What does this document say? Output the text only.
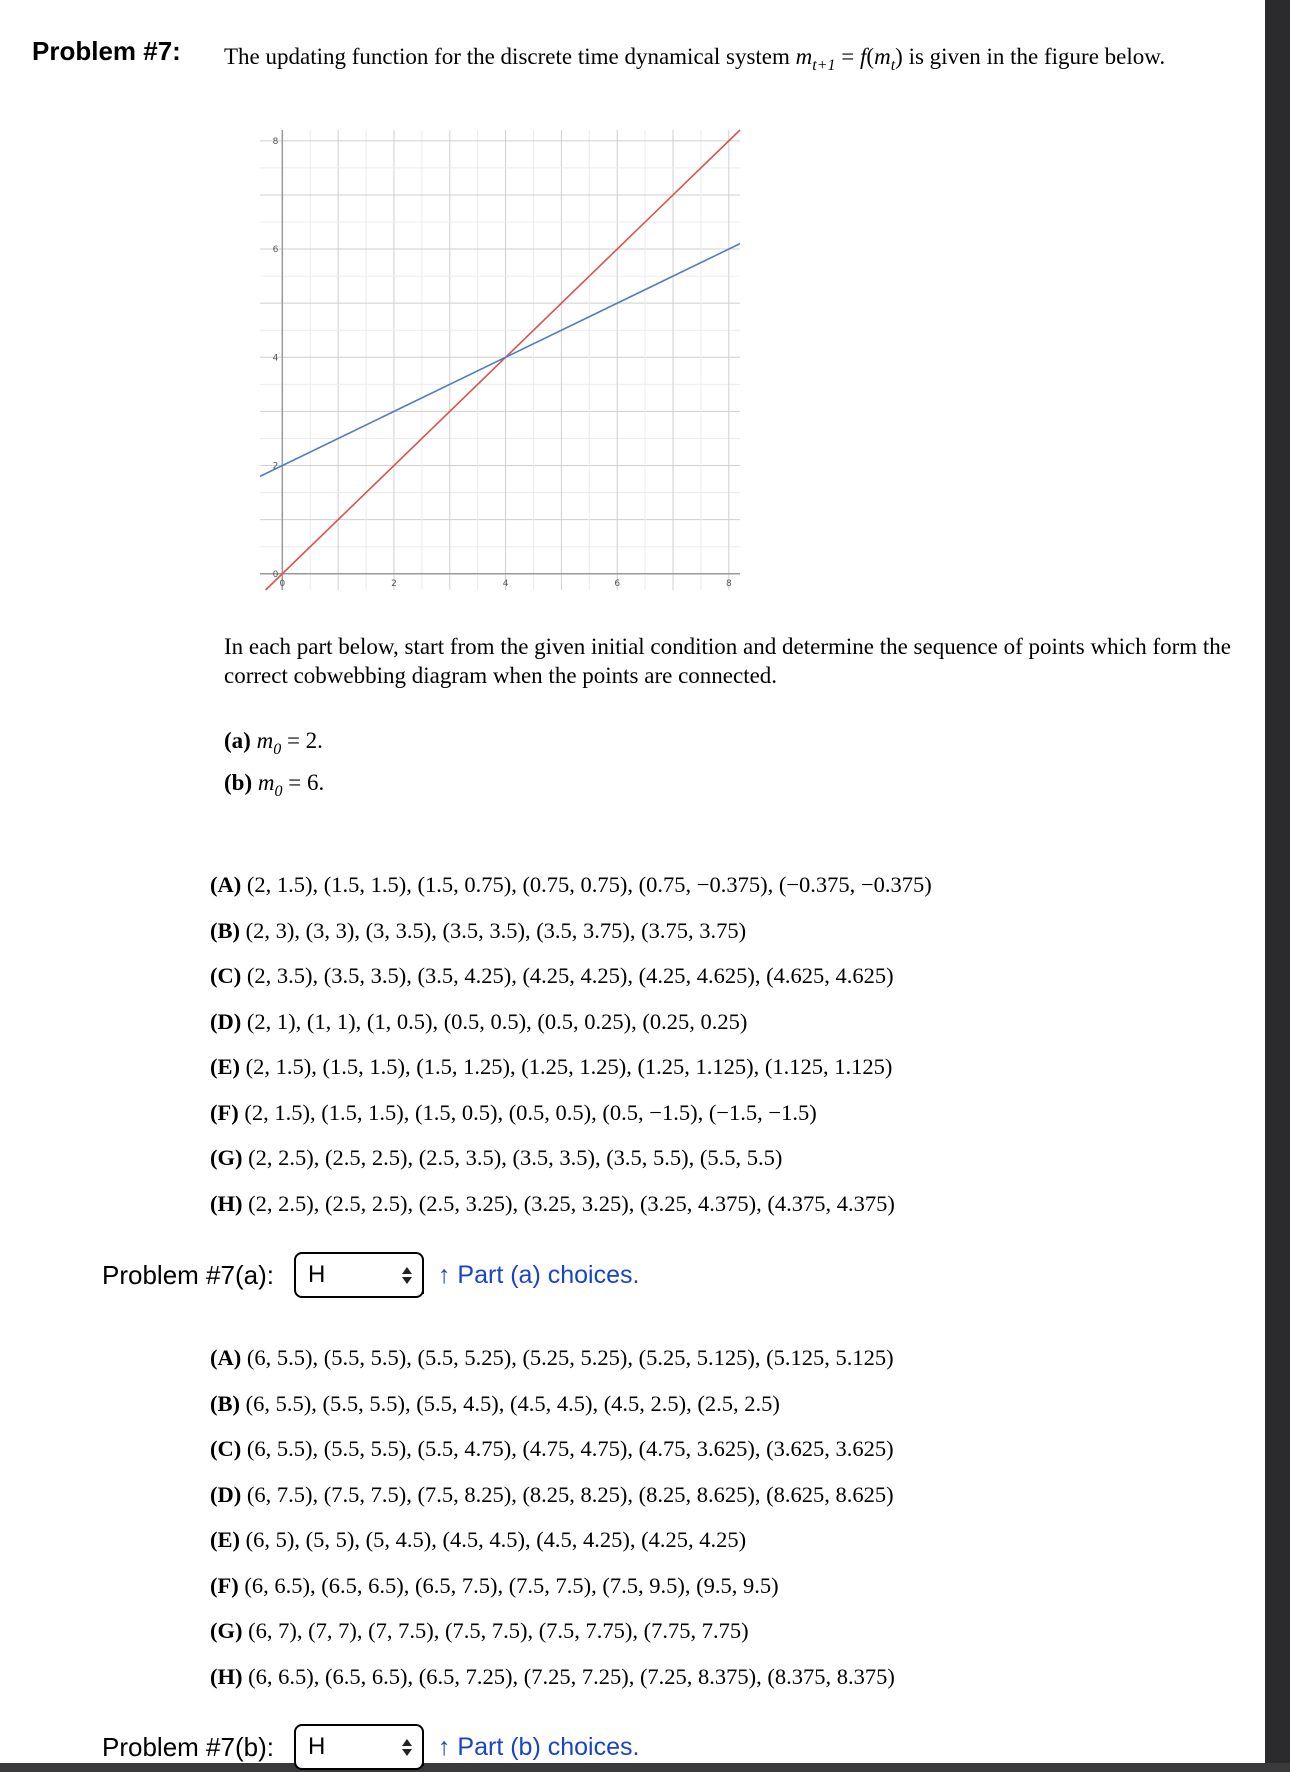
Problem #7: The updating function for the discrete time dynamical system $m_{t+1} = f(m_t)$ is given in the figure below.
0	2	4	6	8
0
2
4
6
8
In each part below, start from the given initial condition and determine the sequence of points which form the correct cobwebbing diagram when the points are connected.
(a) $m_0 = 2$.
(b) $m_0 = 6$.
(A) (2, 1.5), (1.5, 1.5), (1.5, 0.75), (0.75, 0.75), (0.75, −0.375), (−0.375, −0.375)
(B) (2, 3), (3, 3), (3, 3.5), (3.5, 3.5), (3.5, 3.75), (3.75, 3.75)
(C) (2, 3.5), (3.5, 3.5), (3.5, 4.25), (4.25, 4.25), (4.25, 4.625), (4.625, 4.625)
(D) (2, 1), (1, 1), (1, 0.5), (0.5, 0.5), (0.5, 0.25), (0.25, 0.25)
(E) (2, 1.5), (1.5, 1.5), (1.5, 1.25), (1.25, 1.25), (1.25, 1.125), (1.125, 1.125)
(F) (2, 1.5), (1.5, 1.5), (1.5, 0.5), (0.5, 0.5), (0.5, −1.5), (−1.5, −1.5)
(G) (2, 2.5), (2.5, 2.5), (2.5, 3.5), (3.5, 3.5), (3.5, 5.5), (5.5, 5.5)
(H) (2, 2.5), (2.5, 2.5), (2.5, 3.25), (3.25, 3.25), (3.25, 4.375), (4.375, 4.375)
Problem #7(a): H	↑ Part (a) choices.
(A) (6, 5.5), (5.5, 5.5), (5.5, 5.25), (5.25, 5.25), (5.25, 5.125), (5.125, 5.125)
(B) (6, 5.5), (5.5, 5.5), (5.5, 4.5), (4.5, 4.5), (4.5, 2.5), (2.5, 2.5)
(C) (6, 5.5), (5.5, 5.5), (5.5, 4.75), (4.75, 4.75), (4.75, 3.625), (3.625, 3.625)
(D) (6, 7.5), (7.5, 7.5), (7.5, 8.25), (8.25, 8.25), (8.25, 8.625), (8.625, 8.625)
(E) (6, 5), (5, 5), (5, 4.5), (4.5, 4.5), (4.5, 4.25), (4.25, 4.25)
(F) (6, 6.5), (6.5, 6.5), (6.5, 7.5), (7.5, 7.5), (7.5, 9.5), (9.5, 9.5)
(G) (6, 7), (7, 7), (7, 7.5), (7.5, 7.5), (7.5, 7.75), (7.75, 7.75)
(H) (6, 6.5), (6.5, 6.5), (6.5, 7.25), (7.25, 7.25), (7.25, 8.375), (8.375, 8.375)
Problem #7(b): H	↑ Part (b) choices.
